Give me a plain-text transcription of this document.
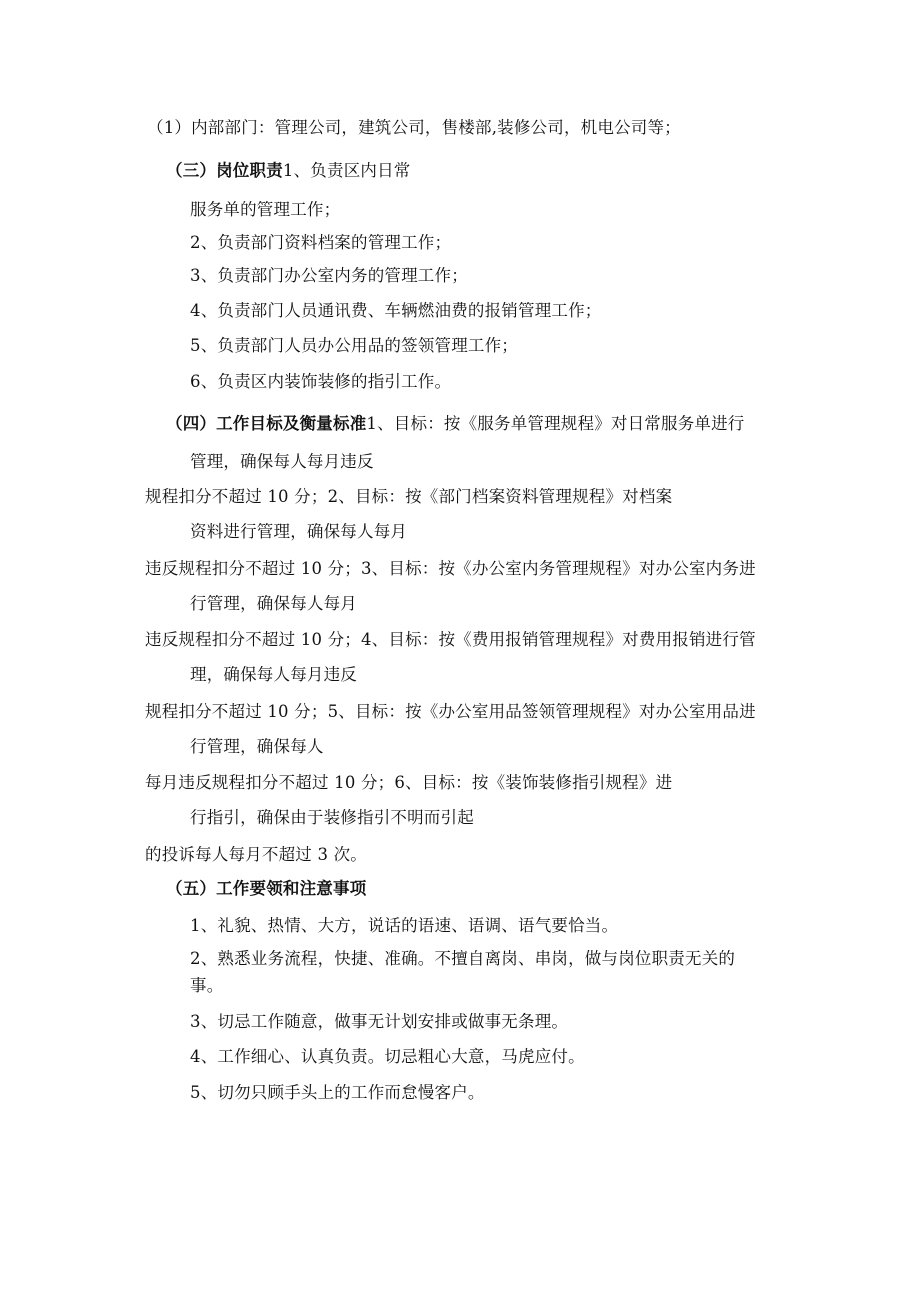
（1）内部部门：管理公司，建筑公司，售楼部,装修公司，机电公司等；
（三）岗位职责1、负责区内日常
服务单的管理工作；
2、负责部门资料档案的管理工作；
3、负责部门办公室内务的管理工作；
4、负责部门人员通讯费、车辆燃油费的报销管理工作；
5、负责部门人员办公用品的签领管理工作；
6、负责区内装饰装修的指引工作。
（四）工作目标及衡量标准1、目标：按《服务单管理规程》对日常服务单进行
管理，确保每人每月违反
规程扣分不超过 10 分；2、目标：按《部门档案资料管理规程》对档案
资料进行管理，确保每人每月
违反规程扣分不超过 10 分；3、目标：按《办公室内务管理规程》对办公室内务进
行管理，确保每人每月
违反规程扣分不超过 10 分；4、目标：按《费用报销管理规程》对费用报销进行管
理，确保每人每月违反
规程扣分不超过 10 分；5、目标：按《办公室用品签领管理规程》对办公室用品进
行管理，确保每人
每月违反规程扣分不超过 10 分；6、目标：按《装饰装修指引规程》进
行指引，确保由于装修指引不明而引起
的投诉每人每月不超过 3 次。
（五）工作要领和注意事项
1、礼貌、热情、大方，说话的语速、语调、语气要恰当。
2、熟悉业务流程，快捷、准确。不擅自离岗、串岗，做与岗位职责无关的
事。
3、切忌工作随意，做事无计划安排或做事无条理。
4、工作细心、认真负责。切忌粗心大意，马虎应付。
5、切勿只顾手头上的工作而怠慢客户。
